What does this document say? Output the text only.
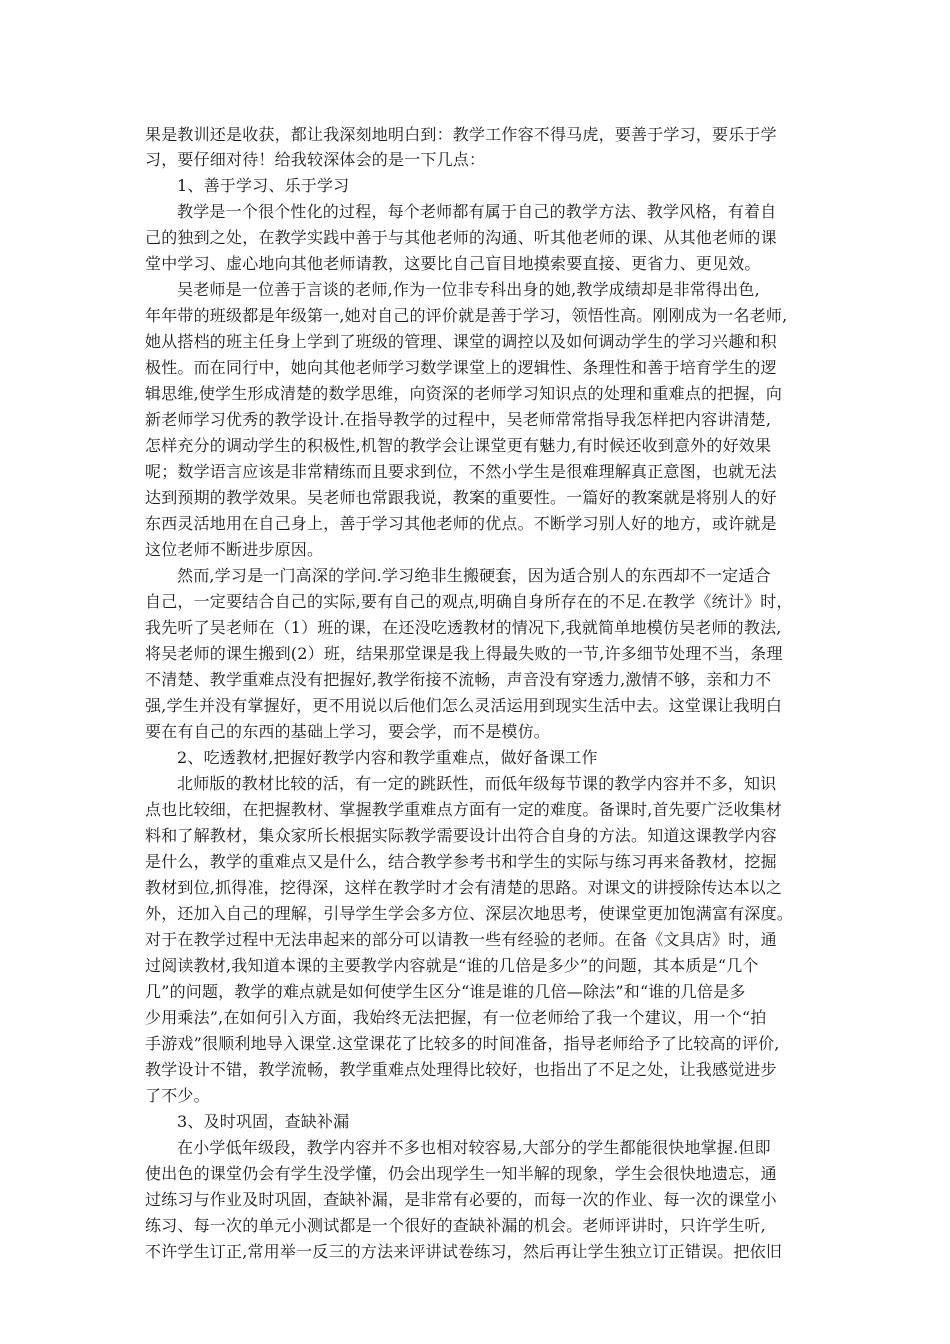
果是教训还是收获，都让我深刻地明白到：教学工作容不得马虎，要善于学习，要乐于学
习，要仔细对待！给我较深体会的是一下几点：
1、善于学习、乐于学习
教学是一个很个性化的过程，每个老师都有属于自己的教学方法、教学风格，有着自
己的独到之处，在教学实践中善于与其他老师的沟通、听其他老师的课、从其他老师的课
堂中学习、虚心地向其他老师请教，这要比自己盲目地摸索要直接、更省力、更见效。
吴老师是一位善于言谈的老师,作为一位非专科出身的她,教学成绩却是非常得出色,
年年带的班级都是年级第一,她对自己的评价就是善于学习，领悟性高。刚刚成为一名老师,
她从搭档的班主任身上学到了班级的管理、课堂的调控以及如何调动学生的学习兴趣和积
极性。而在同行中，她向其他老师学习数学课堂上的逻辑性、条理性和善于培育学生的逻
辑思维,使学生形成清楚的数学思维，向资深的老师学习知识点的处理和重难点的把握，向
新老师学习优秀的教学设计.在指导教学的过程中，吴老师常常指导我怎样把内容讲清楚,
怎样充分的调动学生的积极性,机智的教学会让课堂更有魅力,有时候还收到意外的好效果
呢；数学语言应该是非常精练而且要求到位，不然小学生是很难理解真正意图，也就无法
达到预期的教学效果。吴老师也常跟我说，教案的重要性。一篇好的教案就是将别人的好
东西灵活地用在自己身上，善于学习其他老师的优点。不断学习别人好的地方，或许就是
这位老师不断进步原因。
然而,学习是一门高深的学问.学习绝非生搬硬套，因为适合别人的东西却不一定适合
自己，一定要结合自己的实际,要有自己的观点,明确自身所存在的不足.在教学《统计》时，
我先听了吴老师在（1）班的课，在还没吃透教材的情况下,我就简单地模仿吴老师的教法,
将吴老师的课生搬到(2）班，结果那堂课是我上得最失败的一节,许多细节处理不当，条理
不清楚、教学重难点没有把握好,教学衔接不流畅，声音没有穿透力,激情不够，亲和力不
强,学生并没有掌握好，更不用说以后他们怎么灵活运用到现实生活中去。这堂课让我明白
要在有自己的东西的基础上学习，要会学，而不是模仿。
2、吃透教材,把握好教学内容和教学重难点，做好备课工作
北师版的教材比较的活，有一定的跳跃性，而低年级每节课的教学内容并不多，知识
点也比较细，在把握教材、掌握教学重难点方面有一定的难度。备课时,首先要广泛收集材
料和了解教材，集众家所长根据实际教学需要设计出符合自身的方法。知道这课教学内容
是什么，教学的重难点又是什么，结合教学参考书和学生的实际与练习再来备教材，挖掘
教材到位,抓得准，挖得深，这样在教学时才会有清楚的思路。对课文的讲授除传达本以之
外，还加入自己的理解，引导学生学会多方位、深层次地思考，使课堂更加饱满富有深度。
对于在教学过程中无法串起来的部分可以请教一些有经验的老师。在备《文具店》时，通
过阅读教材,我知道本课的主要教学内容就是“谁的几倍是多少”的问题，其本质是“几个
几”的问题，教学的难点就是如何使学生区分“谁是谁的几倍—除法”和“谁的几倍是多
少用乘法”,在如何引入方面，我始终无法把握，有一位老师给了我一个建议，用一个“拍
手游戏”很顺利地导入课堂.这堂课花了比较多的时间准备，指导老师给予了比较高的评价,
教学设计不错，教学流畅，教学重难点处理得比较好，也指出了不足之处，让我感觉进步
了不少。
3、及时巩固，查缺补漏
在小学低年级段，教学内容并不多也相对较容易,大部分的学生都能很快地掌握.但即
使出色的课堂仍会有学生没学懂，仍会出现学生一知半解的现象，学生会很快地遗忘，通
过练习与作业及时巩固，查缺补漏，是非常有必要的，而每一次的作业、每一次的课堂小
练习、每一次的单元小测试都是一个很好的查缺补漏的机会。老师评讲时，只许学生听,
不许学生订正,常用举一反三的方法来评讲试卷练习，然后再让学生独立订正错误。把依旧
